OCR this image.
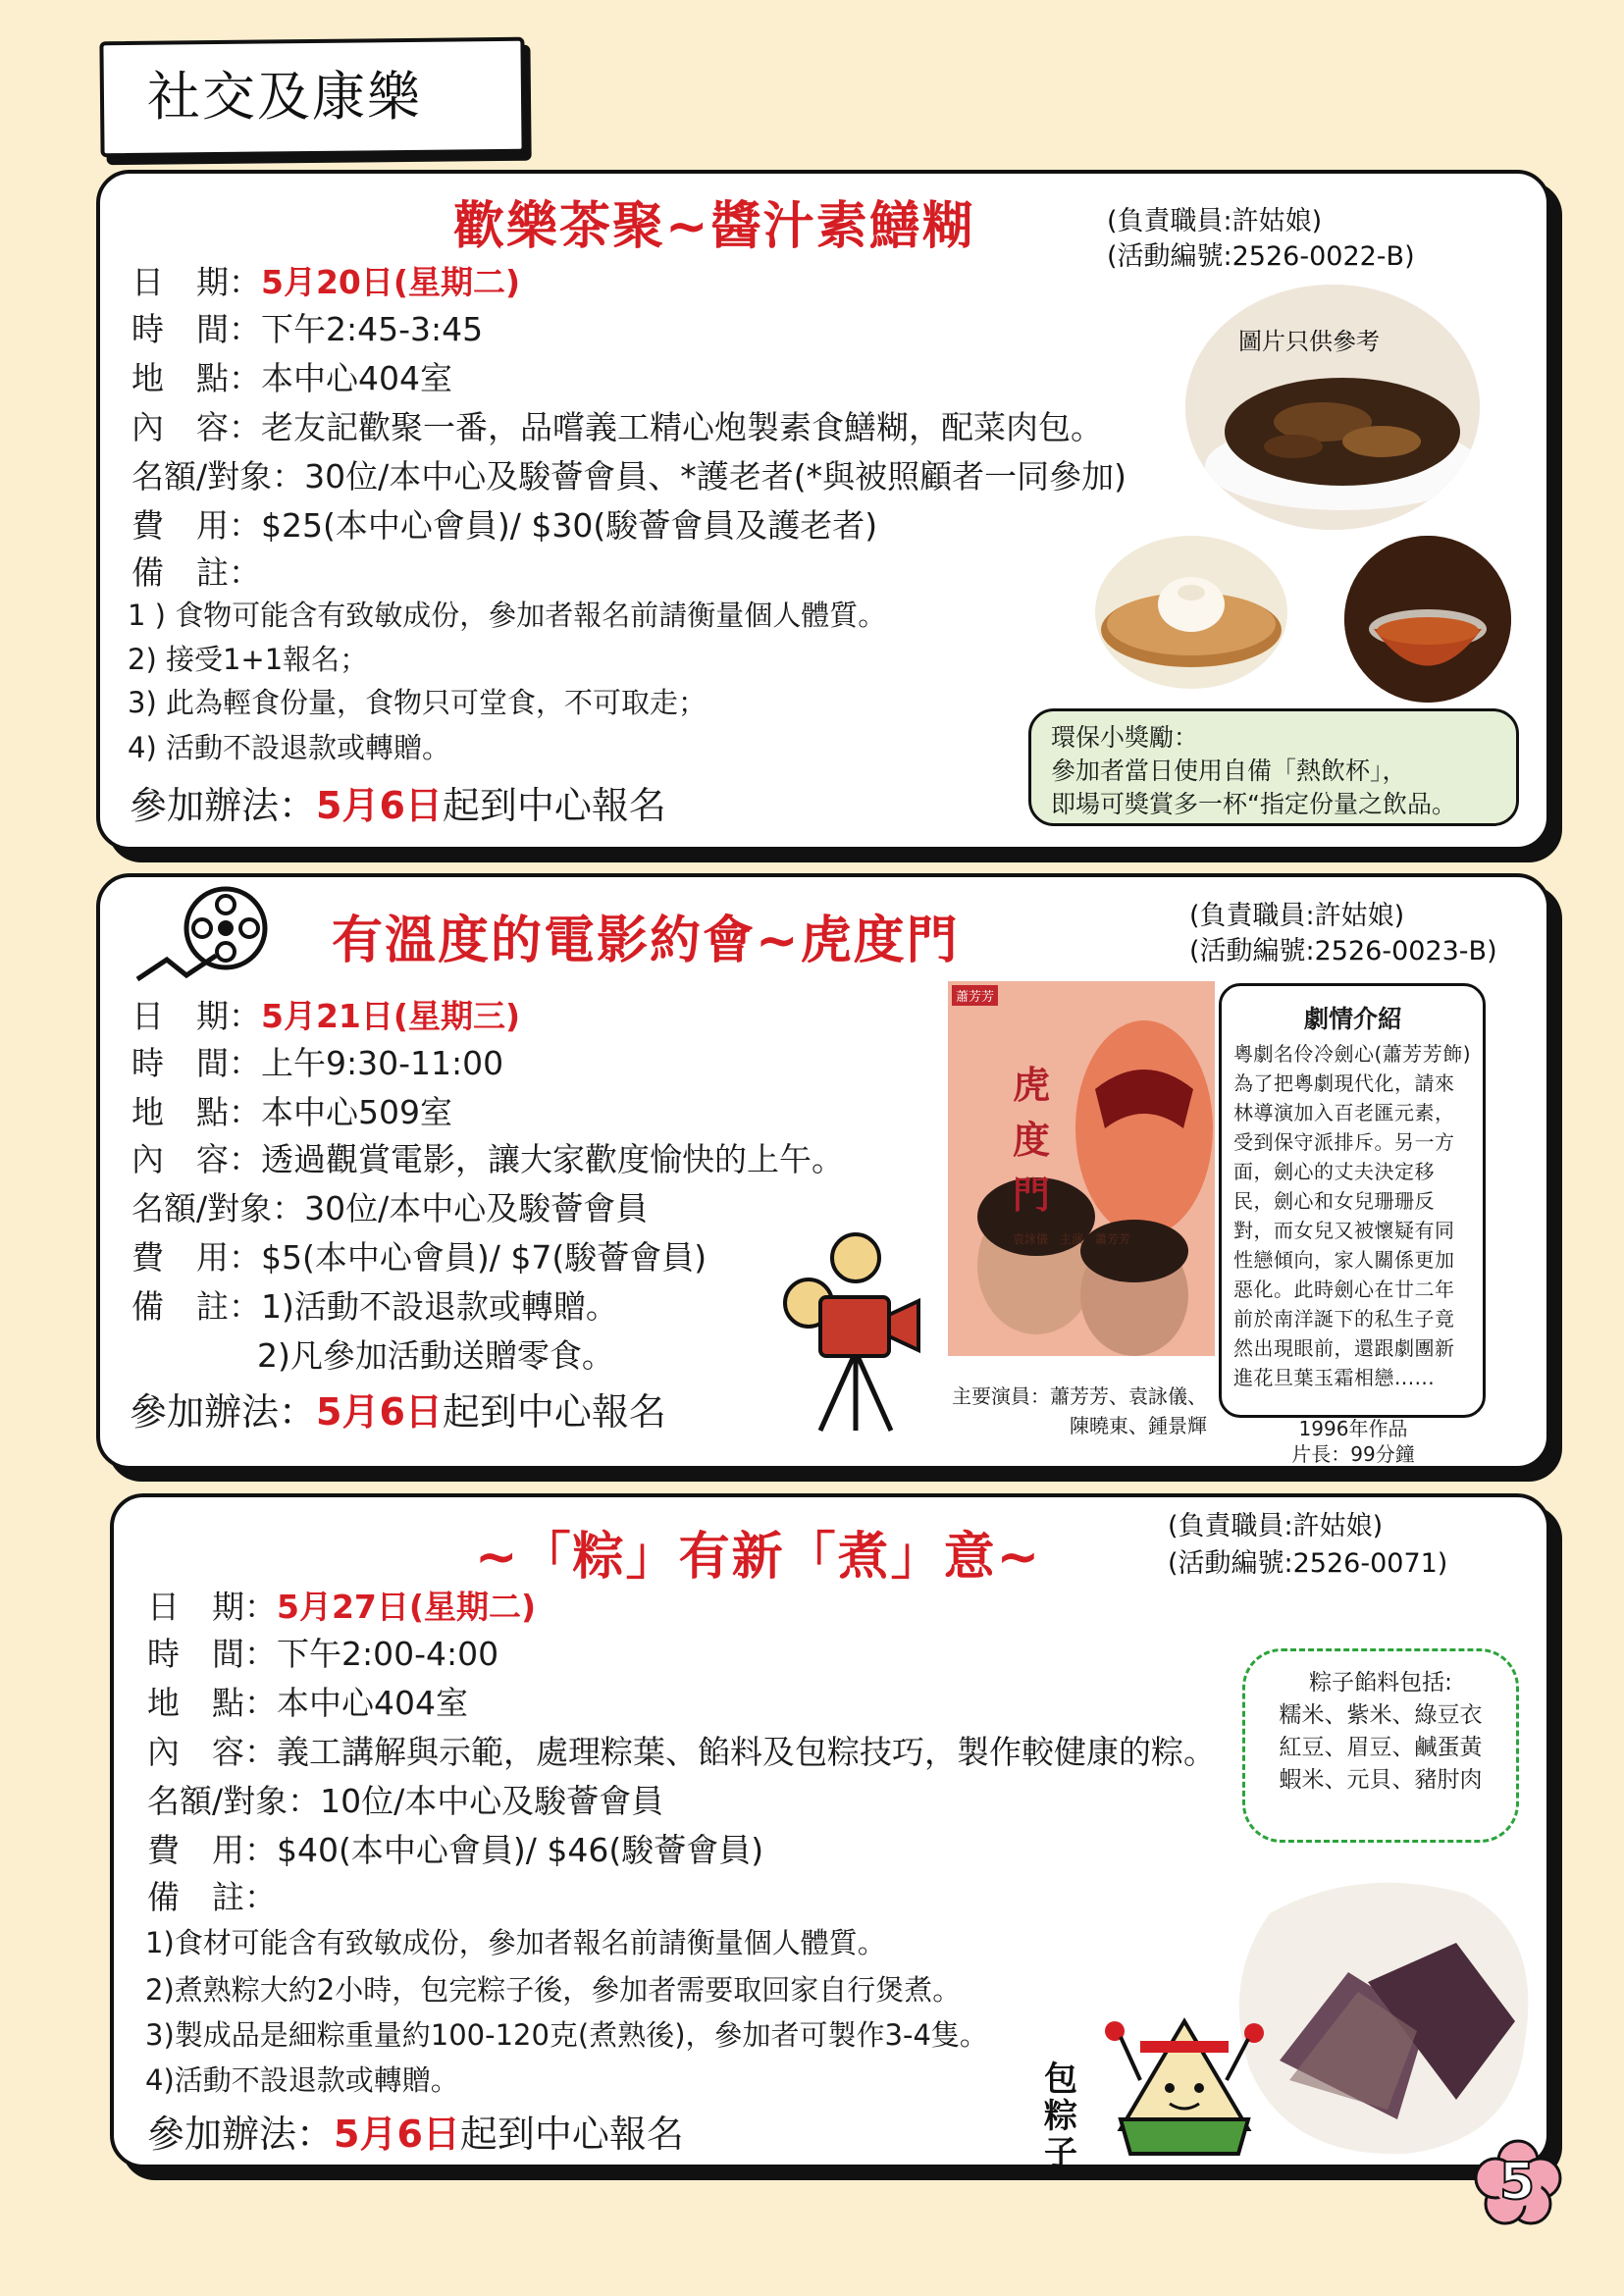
社交及康樂
歡樂茶聚~醬汁素鱔糊	(負責職員:許姑娘)
(活動編號:2526-0022-B)
日　期：5月20日(星期二)
時　間：下午2:45-3:45
地　點：本中心404室
內　容：老友記歡聚一番，品嚐義工精心炮製素食鱔糊，配菜肉包。
名額/對象：30位/本中心及駿薈會員、*護老者(*與被照顧者一同參加)
費　用：$25(本中心會員)/ $30(駿薈會員及護老者)
備　註：
1 ) 食物可能含有致敏成份，參加者報名前請衡量個人體質。
2) 接受1+1報名；
3) 此為輕食份量，食物只可堂食，不可取走；
4) 活動不設退款或轉贈。
參加辦法：5月6日起到中心報名
圖片只供參考
環保小獎勵：
參加者當日使用自備「熱飲杯」，
即場可獎賞多一杯“指定份量之飲品。
有溫度的電影約會~虎度門	(負責職員:許姑娘)
(活動編號:2526-0023-B)
日　期：5月21日(星期三)
時　間：上午9:30-11:00
地　點：本中心509室
內　容：透過觀賞電影，讓大家歡度愉快的上午。
名額/對象：30位/本中心及駿薈會員
費　用：$5(本中心會員)/ $7(駿薈會員)
備　註：1)活動不設退款或轉贈。
2)凡參加活動送贈零食。
參加辦法：5月6日起到中心報名
蕭芳芳
虎度門
袁詠儀　主演　蕭芳芳
主要演員：蕭芳芳、袁詠儀、
陳曉東、鍾景輝
劇情介紹
粵劇名伶冷劍心(蕭芳芳飾)為了把粵劇現代化，請來林導演加入百老匯元素，受到保守派排斥。另一方面，劍心的丈夫決定移民，劍心和女兒珊珊反對，而女兒又被懷疑有同性戀傾向，家人關係更加惡化。此時劍心在廿二年前於南洋誕下的私生子竟然出現眼前，還跟劇團新進花旦葉玉霜相戀......
1996年作品
片長：99分鐘
~「粽」有新「煮」意~
(負責職員:許姑娘)
(活動編號:2526-0071)
日　期：5月27日(星期二)
時　間：下午2:00-4:00
地　點：本中心404室
內　容：義工講解與示範，處理粽葉、餡料及包粽技巧，製作較健康的粽。
名額/對象：10位/本中心及駿薈會員
費　用：$40(本中心會員)/ $46(駿薈會員)
備　註：
1)食材可能含有致敏成份，參加者報名前請衡量個人體質。
2)煮熟粽大約2小時，包完粽子後，參加者需要取回家自行煲煮。
3)製成品是細粽重量約100-120克(煮熟後)，參加者可製作3-4隻。
4)活動不設退款或轉贈。
參加辦法：5月6日起到中心報名
粽子餡料包括:
糯米、紫米、綠豆衣
紅豆、眉豆、鹹蛋黃
蝦米、元貝、豬肘肉
包粽子	5
